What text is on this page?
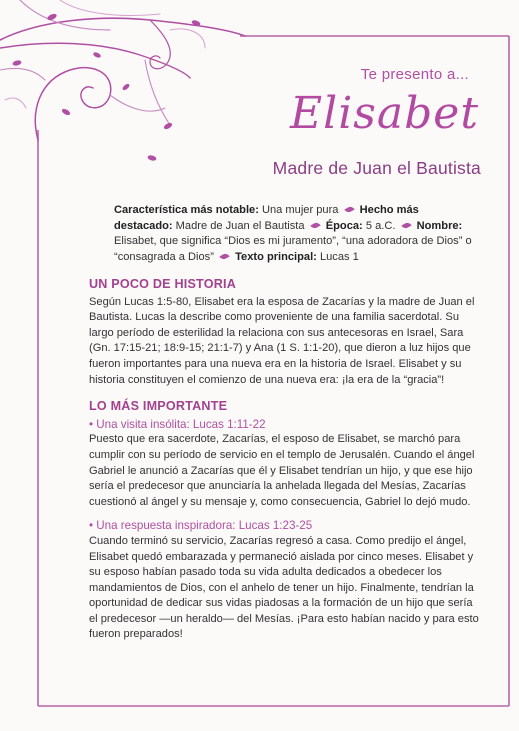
Te presento a...
Elisabet
Madre de Juan el Bautista
Característica más notable: Una mujer pura Hecho más destacado: Madre de Juan el Bautista Época: 5 a.C. Nombre: Elisabet, que significa “Dios es mi juramento”, “una adoradora de Dios” o “consagrada a Dios” Texto principal: Lucas 1
UN POCO DE HISTORIA

Según Lucas 1:5-80, Elisabet era la esposa de Zacarías y la madre de Juan el Bautista. Lucas la describe como proveniente de una familia sacerdotal. Su largo período de esterilidad la relaciona con sus antecesoras en Israel, Sara (Gn. 17:15-21; 18:9-15; 21:1-7) y Ana (1 S. 1:1-20), que dieron a luz hijos que fueron importantes para una nueva era en la historia de Israel. Elisabet y su historia constituyen el comienzo de una nueva era: ¡la era de la “gracia”!

LO MÁS IMPORTANTE
• Una visita insólita: Lucas 1:11-22

Puesto que era sacerdote, Zacarías, el esposo de Elisabet, se marchó para cumplir con su período de servicio en el templo de Jerusalén. Cuando el ángel Gabriel le anunció a Zacarías que él y Elisabet tendrían un hijo, y que ese hijo sería el predecesor que anunciaría la anhelada llegada del Mesías, Zacarías cuestionó al ángel y su mensaje y, como consecuencia, Gabriel lo dejó mudo.

• Una respuesta inspiradora: Lucas 1:23-25

Cuando terminó su servicio, Zacarías regresó a casa. Como predijo el ángel, Elisabet quedó embarazada y permaneció aislada por cinco meses. Elisabet y su esposo habían pasado toda su vida adulta dedicados a obedecer los mandamientos de Dios, con el anhelo de tener un hijo. Finalmente, tendrían la oportunidad de dedicar sus vidas piadosas a la formación de un hijo que sería el predecesor —un heraldo— del Mesías. ¡Para esto habían nacido y para esto fueron preparados!
